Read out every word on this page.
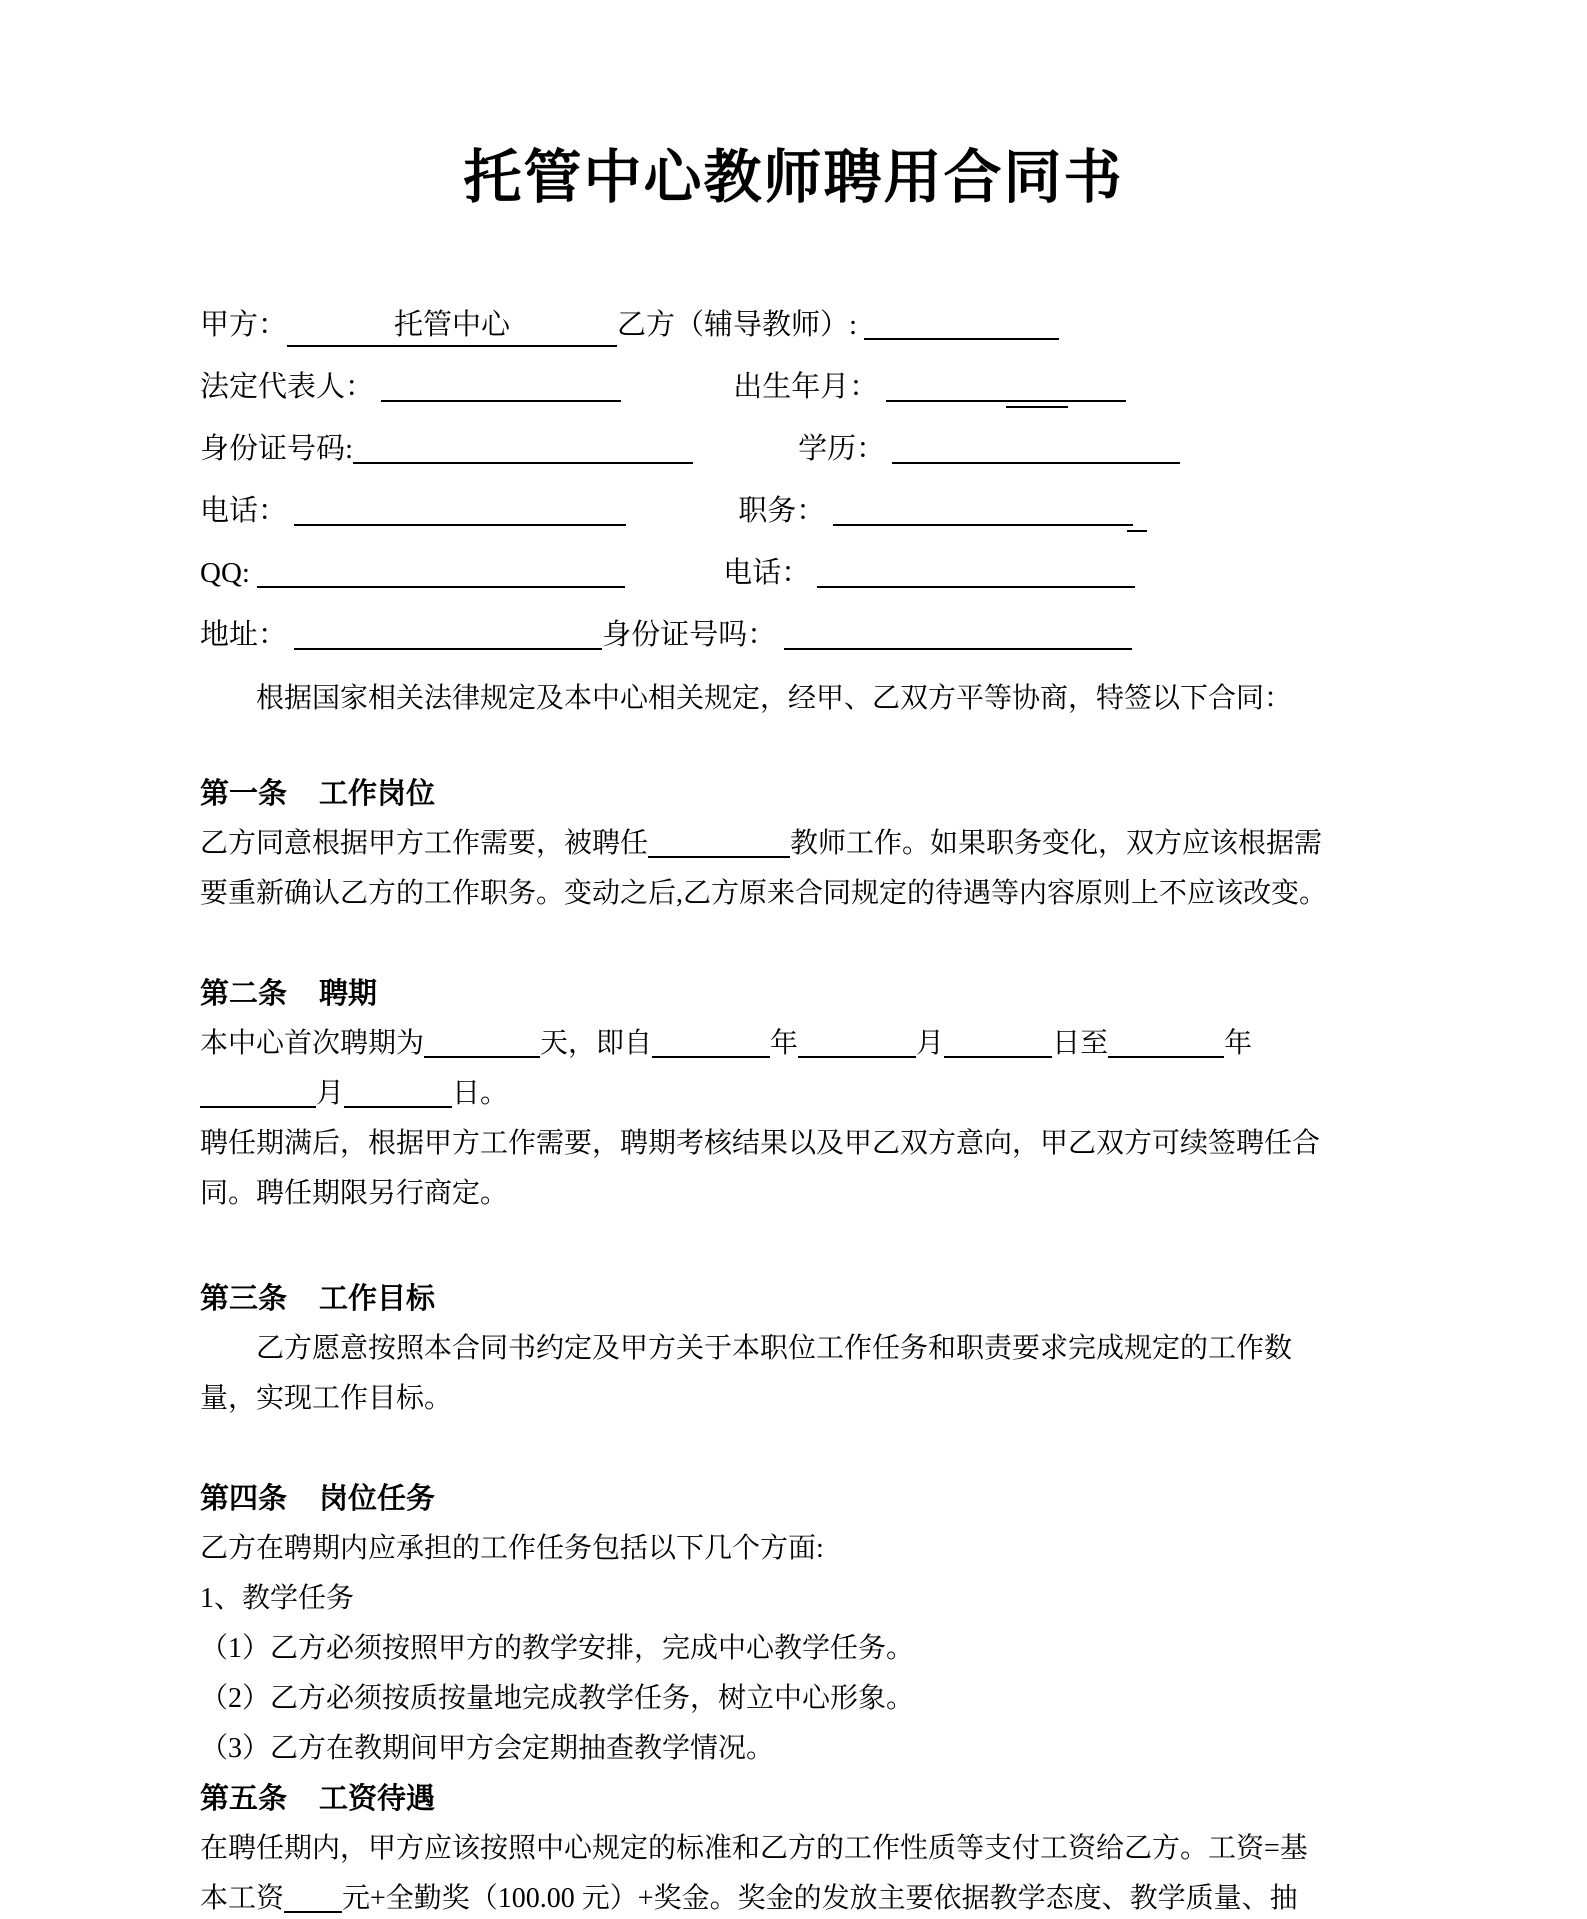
托管中心教师聘用合同书
甲方：	托管中心	乙方（辅导教师）:
法定代表人：	出生年月：
身份证号码:	学历：
电话：	职务：
QQ:	电话：
地址：	身份证号吗：
根据国家相关法律规定及本中心相关规定，经甲、乙双方平等协商，特签以下合同：
第一条 工作岗位
乙方同意根据甲方工作需要，被聘任	教师工作。如果职务变化，双方应该根据需
要重新确认乙方的工作职务。变动之后,乙方原来合同规定的待遇等内容原则上不应该改变。
第二条 聘期
本中心首次聘期为	天，即自	年	月	日至	年
月	日。
聘任期满后，根据甲方工作需要，聘期考核结果以及甲乙双方意向，甲乙双方可续签聘任合
同。聘任期限另行商定。
第三条 工作目标
乙方愿意按照本合同书约定及甲方关于本职位工作任务和职责要求完成规定的工作数
量，实现工作目标。
第四条 岗位任务
乙方在聘期内应承担的工作任务包括以下几个方面:
1、教学任务
（1）乙方必须按照甲方的教学安排，完成中心教学任务。
（2）乙方必须按质按量地完成教学任务，树立中心形象。
（3）乙方在教期间甲方会定期抽查教学情况。
第五条 工资待遇
在聘任期内，甲方应该按照中心规定的标准和乙方的工作性质等支付工资给乙方。工资=基
本工资 元+全勤奖（100.00 元）+奖金。奖金的发放主要依据教学态度、教学质量、抽
